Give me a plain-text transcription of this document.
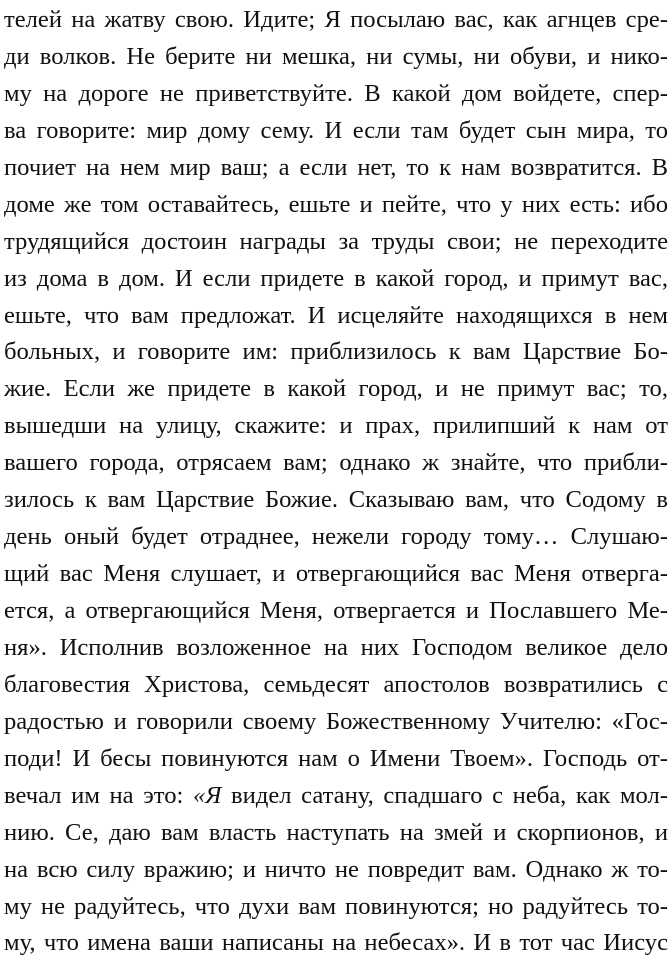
телей на жатву свою. Идите; Я посылаю вас, как агнцев сре-
ди волков. Не берите ни мешка, ни сумы, ни обуви, и нико-
му на дороге не приветствуйте. В какой дом войдете, спер-
ва говорите: мир дому сему. И если там будет сын мира, то
почиет на нем мир ваш; а если нет, то к нам возвратится. В
доме же том оставайтесь, ешьте и пейте, что у них есть: ибо
трудящийся достоин награды за труды свои; не переходите
из дома в дом. И если придете в какой город, и примут вас,
ешьте, что вам предложат. И исцеляйте находящихся в нем
больных, и говорите им: приблизилось к вам Царствие Бо-
жие. Если же придете в какой город, и не примут вас; то,
вышедши на улицу, скажите: и прах, прилипший к нам от
вашего города, отрясаем вам; однако ж знайте, что прибли-
зилось к вам Царствие Божие. Сказываю вам, что Содому в
день оный будет отраднее, нежели городу тому… Слушаю-
щий вас Меня слушает, и отвергающийся вас Меня отверга-
ется, а отвергающийся Меня, отвергается и Пославшего Ме-
ня». Исполнив возложенное на них Господом великое дело
благовестия Христова, семьдесят апостолов возвратились с
радостью и говорили своему Божественному Учителю: «Гос-
поди! И бесы повинуются нам о Имени Твоем». Господь от-
вечал им на это: «Я видел сатану, спадшаго с неба, как мол-
нию. Се, даю вам власть наступать на змей и скорпионов, и
на всю силу вражию; и ничто не повредит вам. Однако ж то-
му не радуйтесь, что духи вам повинуются; но радуйтесь то-
му, что имена ваши написаны на небесах». И в тот час Иисус
